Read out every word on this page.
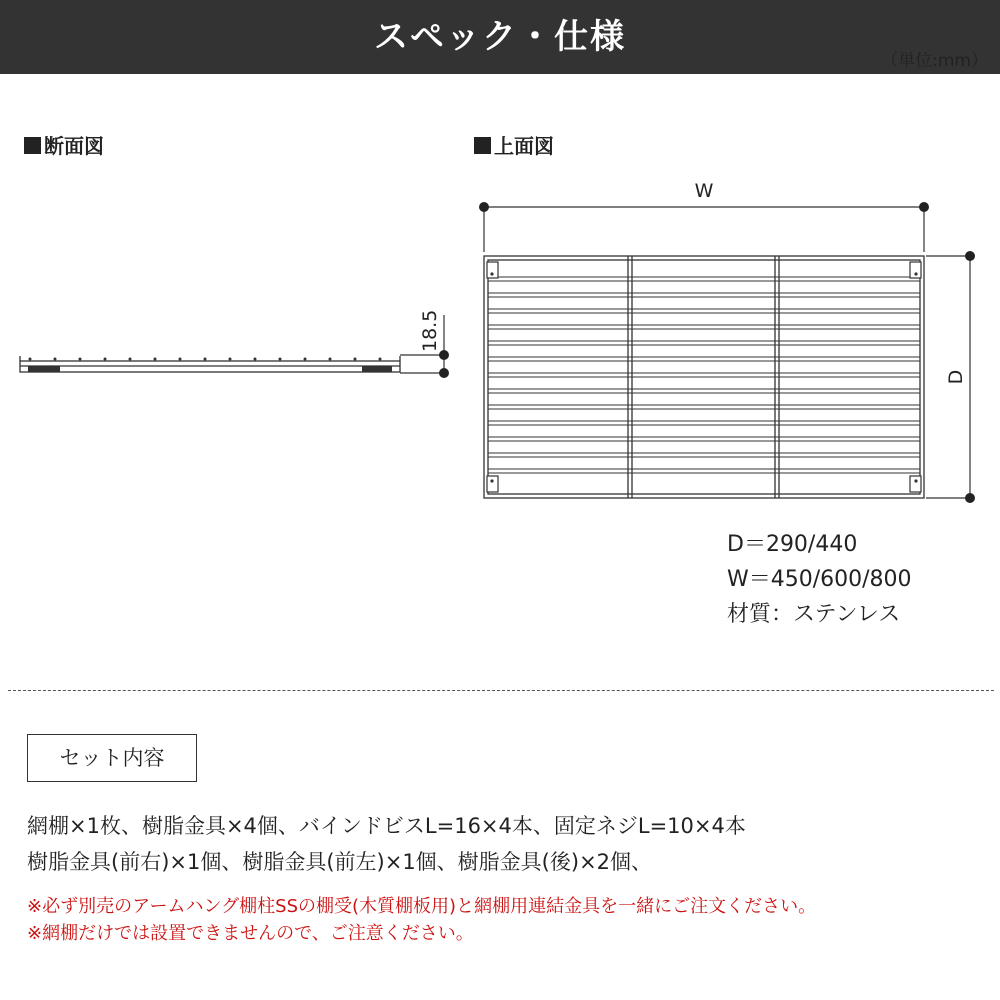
スペック・仕様
（単位:mm）
断面図	上面図
18.5
W
D
D＝290/440
W＝450/600/800
材質：ステンレス
セット内容
網棚×1枚、樹脂金具×4個、バインドビスL=16×4本、固定ネジL=10×4本
樹脂金具(前右)×1個、樹脂金具(前左)×1個、樹脂金具(後)×2個、
※必ず別売のアームハング棚柱SSの棚受(木質棚板用)と網棚用連結金具を一緒にご注文ください。
※網棚だけでは設置できませんので、ご注意ください。
